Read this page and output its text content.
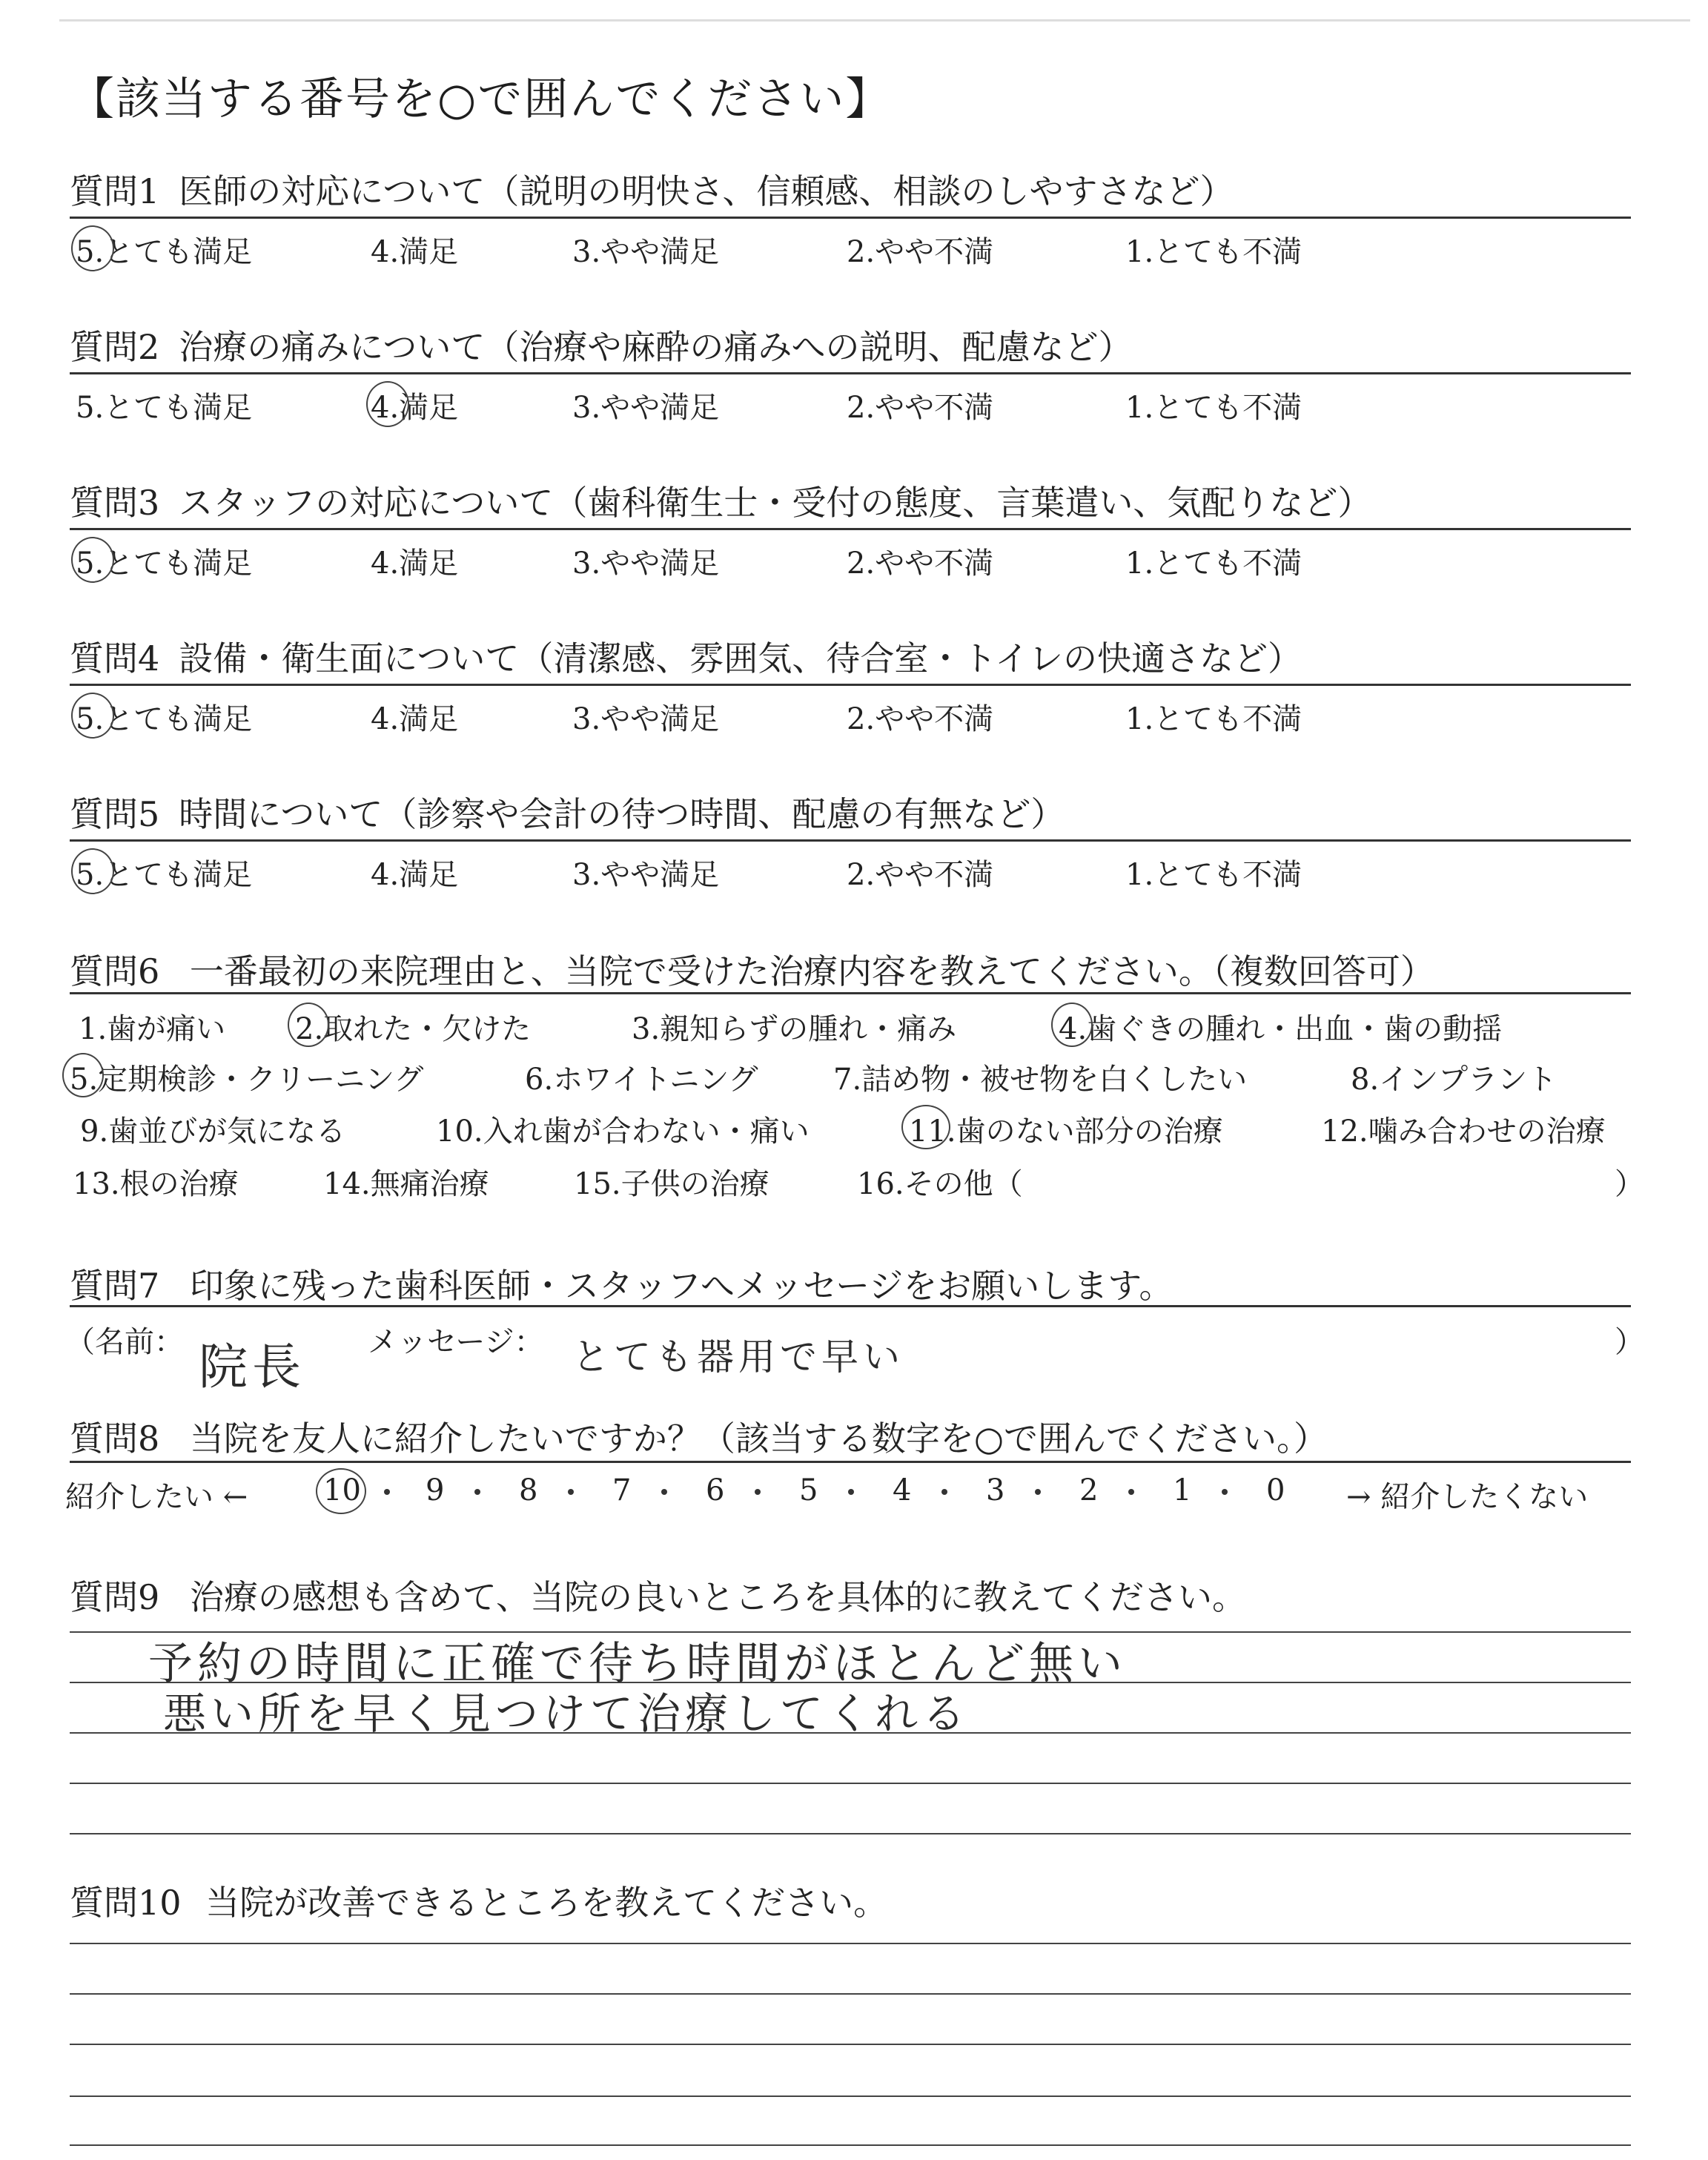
【該当する番号を○で囲んでください】
質問1 医師の対応について（説明の明快さ、信頼感、相談のしやすさなど）
5.とても満足	4.満足	3.やや満足	2.やや不満	1.とても不満
質問2 治療の痛みについて（治療や麻酔の痛みへの説明、配慮など）
5.とても満足	4.満足	3.やや満足	2.やや不満	1.とても不満
質問3 スタッフの対応について（歯科衛生士・受付の態度、言葉遣い、気配りなど）
5.とても満足	4.満足	3.やや満足	2.やや不満	1.とても不満
質問4 設備・衛生面について（清潔感、雰囲気、待合室・トイレの快適さなど）
5.とても満足	4.満足	3.やや満足	2.やや不満	1.とても不満
質問5 時間について（診察や会計の待つ時間、配慮の有無など）
5.とても満足	4.満足	3.やや満足	2.やや不満	1.とても不満
質問6 一番最初の来院理由と、当院で受けた治療内容を教えてください。（複数回答可）
1.歯が痛い 2.取れた・欠けた	3.親知らずの腫れ・痛み	4.歯ぐきの腫れ・出血・歯の動揺
5.定期検診・クリーニング	6.ホワイトニング	7.詰め物・被せ物を白くしたい	8.インプラント
9.歯並びが気になる	10.入れ歯が合わない・痛い	11.歯のない部分の治療	12.噛み合わせの治療
13.根の治療	14.無痛治療	15.子供の治療	16.その他（	）
質問7 印象に残った歯科医師・スタッフへメッセージをお願いします。
（名前： 院長 メッセージ： とても器用で早い	）
質問8 当院を友人に紹介したいですか？（該当する数字を○で囲んでください。）
紹介したい ←	10 9	8	7	6	5	4	3	2	1	0 → 紹介したくない
質問9 治療の感想も含めて、当院の良いところを具体的に教えてください。
予約の時間に正確で待ち時間がほとんど無い
悪い所を早く見つけて治療してくれる
質問10 当院が改善できるところを教えてください。
